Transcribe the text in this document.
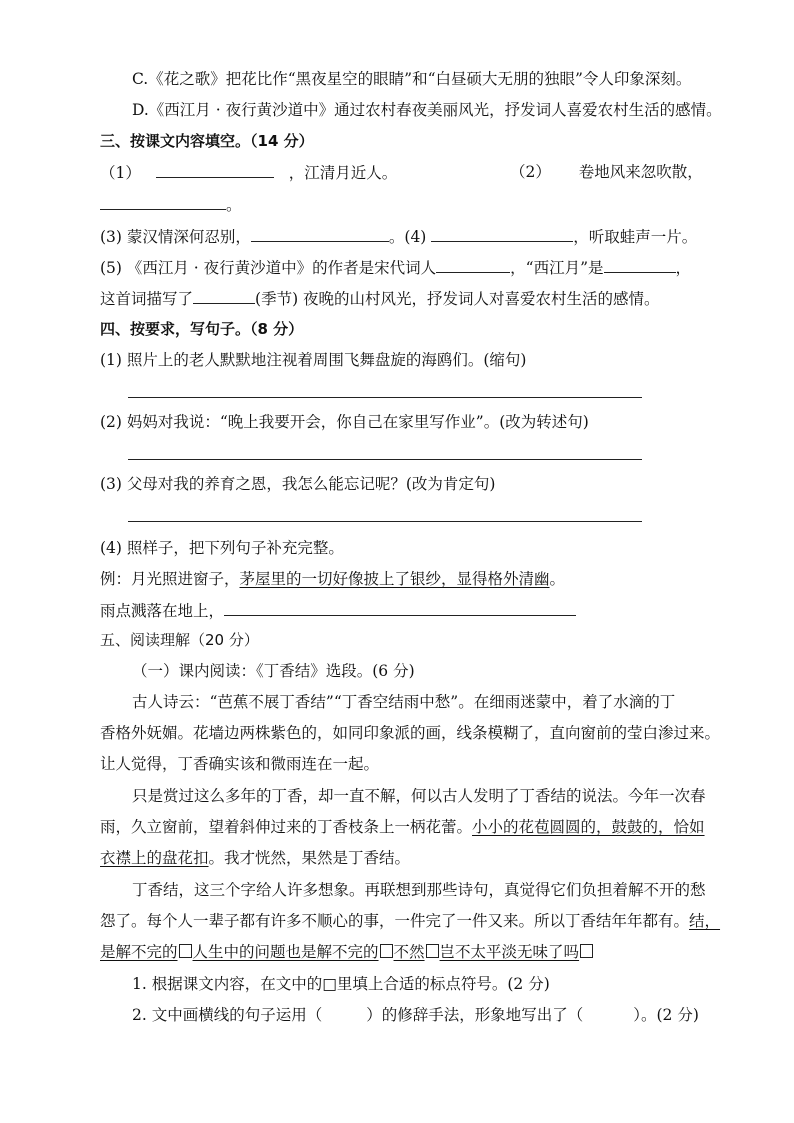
C.《花之歌》把花比作“黑夜星空的眼睛”和“白昼硕大无朋的独眼”令人印象深刻。
D.《西江月 · 夜行黄沙道中》通过农村春夜美丽风光，抒发词人喜爱农村生活的感情。
三、按课文内容填空。（14 分）
（1）	，江清月近人。	（2） 卷地风来忽吹散，
。
(3) 蒙汉情深何忍别，	。(4)	，听取蛙声一片。
(5) 《西江月 · 夜行黄沙道中》的作者是宋代词人	，“西江月”是	，
这首词描写了	(季节) 夜晚的山村风光，抒发词人对喜爱农村生活的感情。
四、按要求，写句子。（8 分）
(1) 照片上的老人默默地注视着周围飞舞盘旋的海鸥们。(缩句)
(2) 妈妈对我说：“晚上我要开会，你自己在家里写作业”。(改为转述句)
(3) 父母对我的养育之恩，我怎么能忘记呢？(改为肯定句)
(4) 照样子，把下列句子补充完整。
例：月光照进窗子，茅屋里的一切好像披上了银纱，显得格外清幽。
雨点溅落在地上，
五、阅读理解（20 分）
（一）课内阅读：《丁香结》选段。(6 分)
古人诗云：“芭蕉不展丁香结”“丁香空结雨中愁”。在细雨迷蒙中，着了水滴的丁
香格外妩媚。花墙边两株紫色的，如同印象派的画，线条模糊了，直向窗前的莹白渗过来。
让人觉得，丁香确实该和微雨连在一起。
只是赏过这么多年的丁香，却一直不解，何以古人发明了丁香结的说法。今年一次春
雨，久立窗前，望着斜伸过来的丁香枝条上一柄花蕾。小小的花苞圆圆的，鼓鼓的，恰如
衣襟上的盘花扣。我才恍然，果然是丁香结。
丁香结，这三个字给人许多想象。再联想到那些诗句，真觉得它们负担着解不开的愁
怨了。每个人一辈子都有许多不顺心的事，一件完了一件又来。所以丁香结年年都有。结，
是解不完的 人生中的问题也是解不完的 不然 岂不太平淡无味了吗
1. 根据课文内容，在文中的□里填上合适的标点符号。(2 分)
2. 文中画横线的句子运用（	）的修辞手法，形象地写出了（	）。(2 分)
